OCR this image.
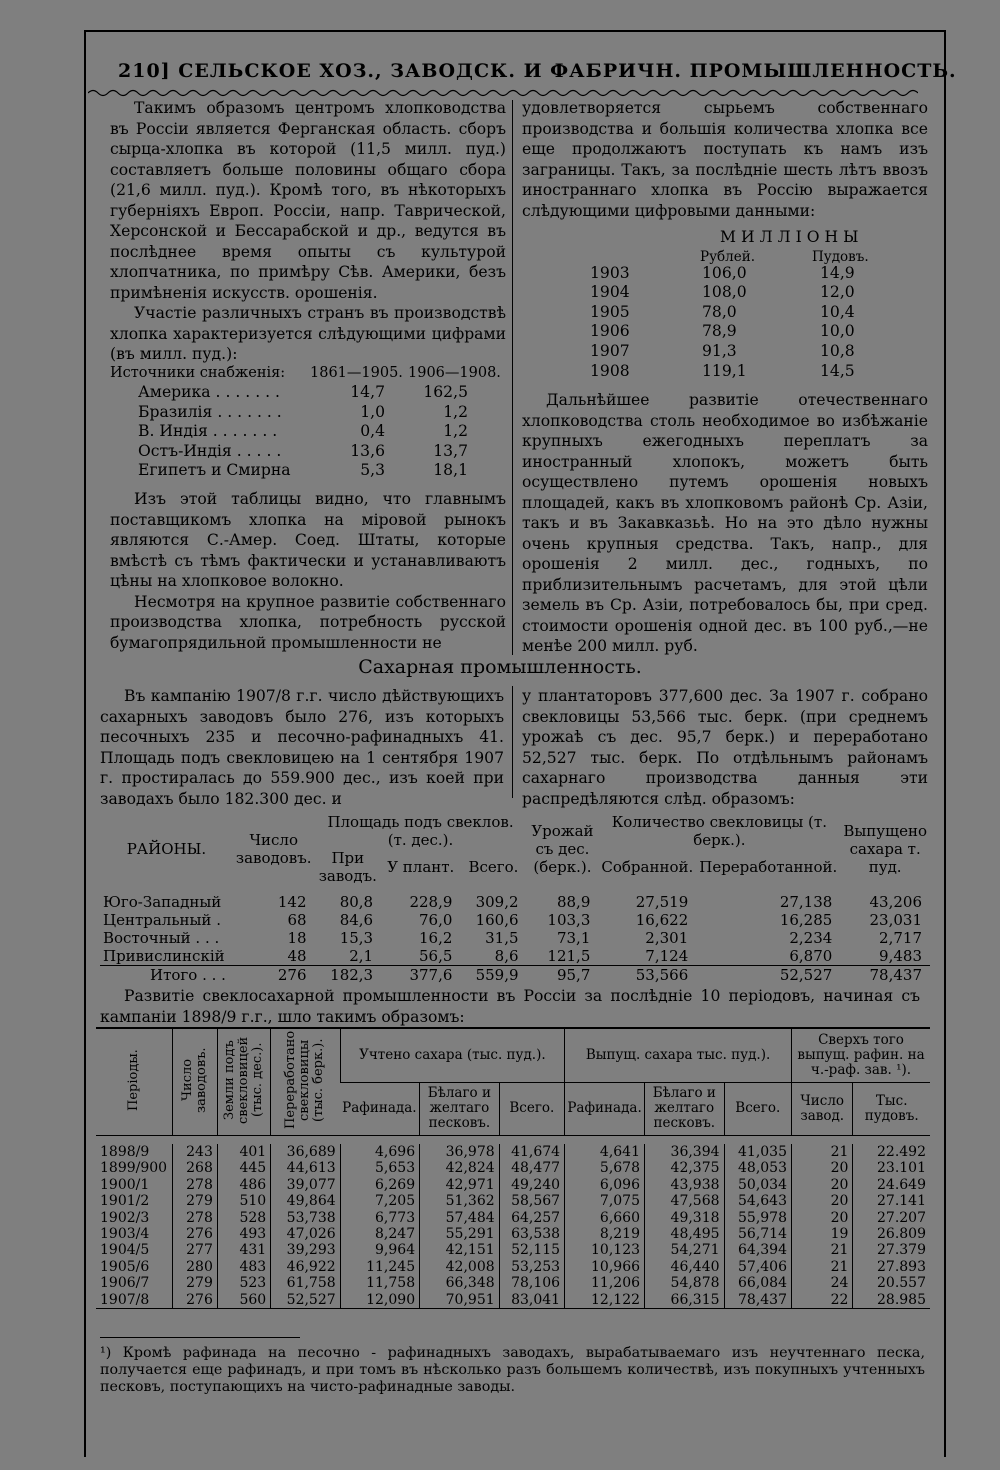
210] СЕЛЬСКОЕ ХОЗ., ЗАВОДСК. И ФАБРИЧН. ПРОМЫШЛЕННОСТЬ.

Такимъ образомъ центромъ хлопководства въ Россіи является Ферганская область. сборъ сырца-хлопка въ которой (11,5 милл. пуд.) составляетъ больше половины общаго сбора (21,6 милл. пуд.). Кромѣ того, въ нѣкоторыхъ губерніяхъ Европ. Россіи, напр. Таврической, Херсонской и Бессарабской и др., ведутся въ послѣднее время опыты съ культурой хлопчатника, по примѣру Сѣв. Америки, безъ примѣненія искусств. орошенія.

Участіе различныхъ странъ въ производствѣ хлопка характеризуется слѣдующими цифрами (въ милл. пуд.):

Источники снабженія: 1861—1905. 1906—1908.
Америка . . . . . . .	14,7 162,5
Бразилія . . . . . . .	1,0	1,2
В. Индія . . . . . . .	0,4	1,2
Остъ-Индія . . . . .	13,6	13,7
Египетъ и Смирна	5,3	18,1

Изъ этой таблицы видно, что главнымъ поставщикомъ хлопка на міровой рынокъ являются С.-Амер. Соед. Штаты, которые вмѣстѣ съ тѣмъ фактически и устанавливаютъ цѣны на хлопковое волокно.

Несмотря на крупное развитіе собственнаго производства хлопка, потребность русской бумагопрядильной промышленности не

удовлетворяется сырьемъ собственнаго производства и большія количества хлопка все еще продолжаютъ поступать къ намъ изъ заграницы. Такъ, за послѣдніе шесть лѣтъ ввозъ иностраннаго хлопка въ Россію выражается слѣдующими цифровыми данными:

МИЛЛІОНЫ
Рублей.	Пудовъ.
1903	106,0	14,9
1904	108,0	12,0
1905	78,0	10,4
1906	78,9	10,0
1907	91,3	10,8
1908	119,1	14,5

Дальнѣйшее развитіе отечественнаго хлопководства столь необходимое во избѣжаніе крупныхъ ежегодныхъ переплатъ за иностранный хлопокъ, можетъ быть осуществлено путемъ орошенія новыхъ площадей, какъ въ хлопковомъ районѣ Ср. Азіи, такъ и въ Закавказьѣ. Но на это дѣло нужны очень крупныя средства. Такъ, напр., для орошенія 2 милл. дес., годныхъ, по приблизительнымъ расчетамъ, для этой цѣли земель въ Ср. Азіи, потребовалось бы, при сред. стоимости орошенія одной дес. въ 100 руб.,—не менѣе 200 милл. руб.

Сахарная промышленность.

Въ кампанію 1907/8 г.г. число дѣйствующихъ сахарныхъ заводовъ было 276, изъ которыхъ песочныхъ 235 и песочно-рафинадныхъ 41. Площадь подъ свекловицею на 1 сентября 1907 г. простиралась до 559.900 дес., изъ коей при заводахъ было 182.300 дес. и

у плантаторовъ 377,600 дес. За 1907 г. собрано свекловицы 53,566 тыс. беpк. (при среднемъ урожаѣ съ дес. 95,7 беpк.) и переработано 52,527 тыс. беpк. По отдѣльнымъ районамъ сахарнаго производства данныя эти распредѣляются слѣд. образомъ:

РАЙОНЫ.	Число заводовъ.	Площадь подъ свеклов. (т. дес.).			Урожай съ дес. (беpк.).	Количество свекловицы (т. беpк.).		Выпущено сахара т. пуд.
		При заводъ.	У плант.	Всего.		Собранной.	Переработанной.	

Юго-Западный	142	80,8	228,9	309,2	88,9	27,519	27,138	43,206
Центральный .	68	84,6	76,0	160,6	103,3	16,622	16,285	23,031
Восточный . . .	18	15,3	16,2	31,5	73,1	2,301	2,234	2,717
Привислинскій	48	2,1	56,5	8,6	121,5	7,124	6,870	9,483
Итого . . .	276	182,3	377,6	559,9	95,7	53,566	52,527	78,437

Развитіе свеклосахарной промышленности въ Россіи за послѣдніе 10 періодовъ, начиная съ кампаніи 1898/9 г.г., шло такимъ образомъ:

Періоды.	Число заводовъ.	Земли подъ свекловицей (тыс. дес.).	Переработано свекловицы (тыс. беpк.).	Учтено сахара (тыс. пуд.).			Выпущ. сахара тыс. пуд.).			Сверхъ того выпущ. рафин. на ч.-раф. зав. ¹).	
				Рафинада.	Бѣлаго и желтаго песковъ.	Всего.	Рафинада.	Бѣлаго и желтаго песковъ.	Всего.	Число завод.	Тыс. пудовъ.

1898/9	243	401	36,689	4,696	36,978	41,674	4,641	36,394	41,035	21	22.492
1899/900	268	445	44,613	5,653	42,824	48,477	5,678	42,375	48,053	20	23.101
1900/1	278	486	39,077	6,269	42,971	49,240	6,096	43,938	50,034	20	24.649
1901/2	279	510	49,864	7,205	51,362	58,567	7,075	47,568	54,643	20	27.141
1902/3	278	528	53,738	6,773	57,484	64,257	6,660	49,318	55,978	20	27.207
1903/4	276	493	47,026	8,247	55,291	63,538	8,219	48,495	56,714	19	26.809
1904/5	277	431	39,293	9,964	42,151	52,115	10,123	54,271	64,394	21	27.379
1905/6	280	483	46,922	11,245	42,008	53,253	10,966	46,440	57,406	21	27.893
1906/7	279	523	61,758	11,758	66,348	78,106	11,206	54,878	66,084	24	20.557
1907/8	276	560	52,527	12,090	70,951	83,041	12,122	66,315	78,437	22	28.985
¹) Кромѣ рафинада на песочно - рафинадныхъ заводахъ, вырабатываемаго изъ неучтеннаго песка, получается еще рафинадъ, и при томъ въ нѣсколько разъ большемъ количествѣ, изъ покупныхъ учтенныхъ песковъ, поступающихъ на чисто-рафинадные заводы.
